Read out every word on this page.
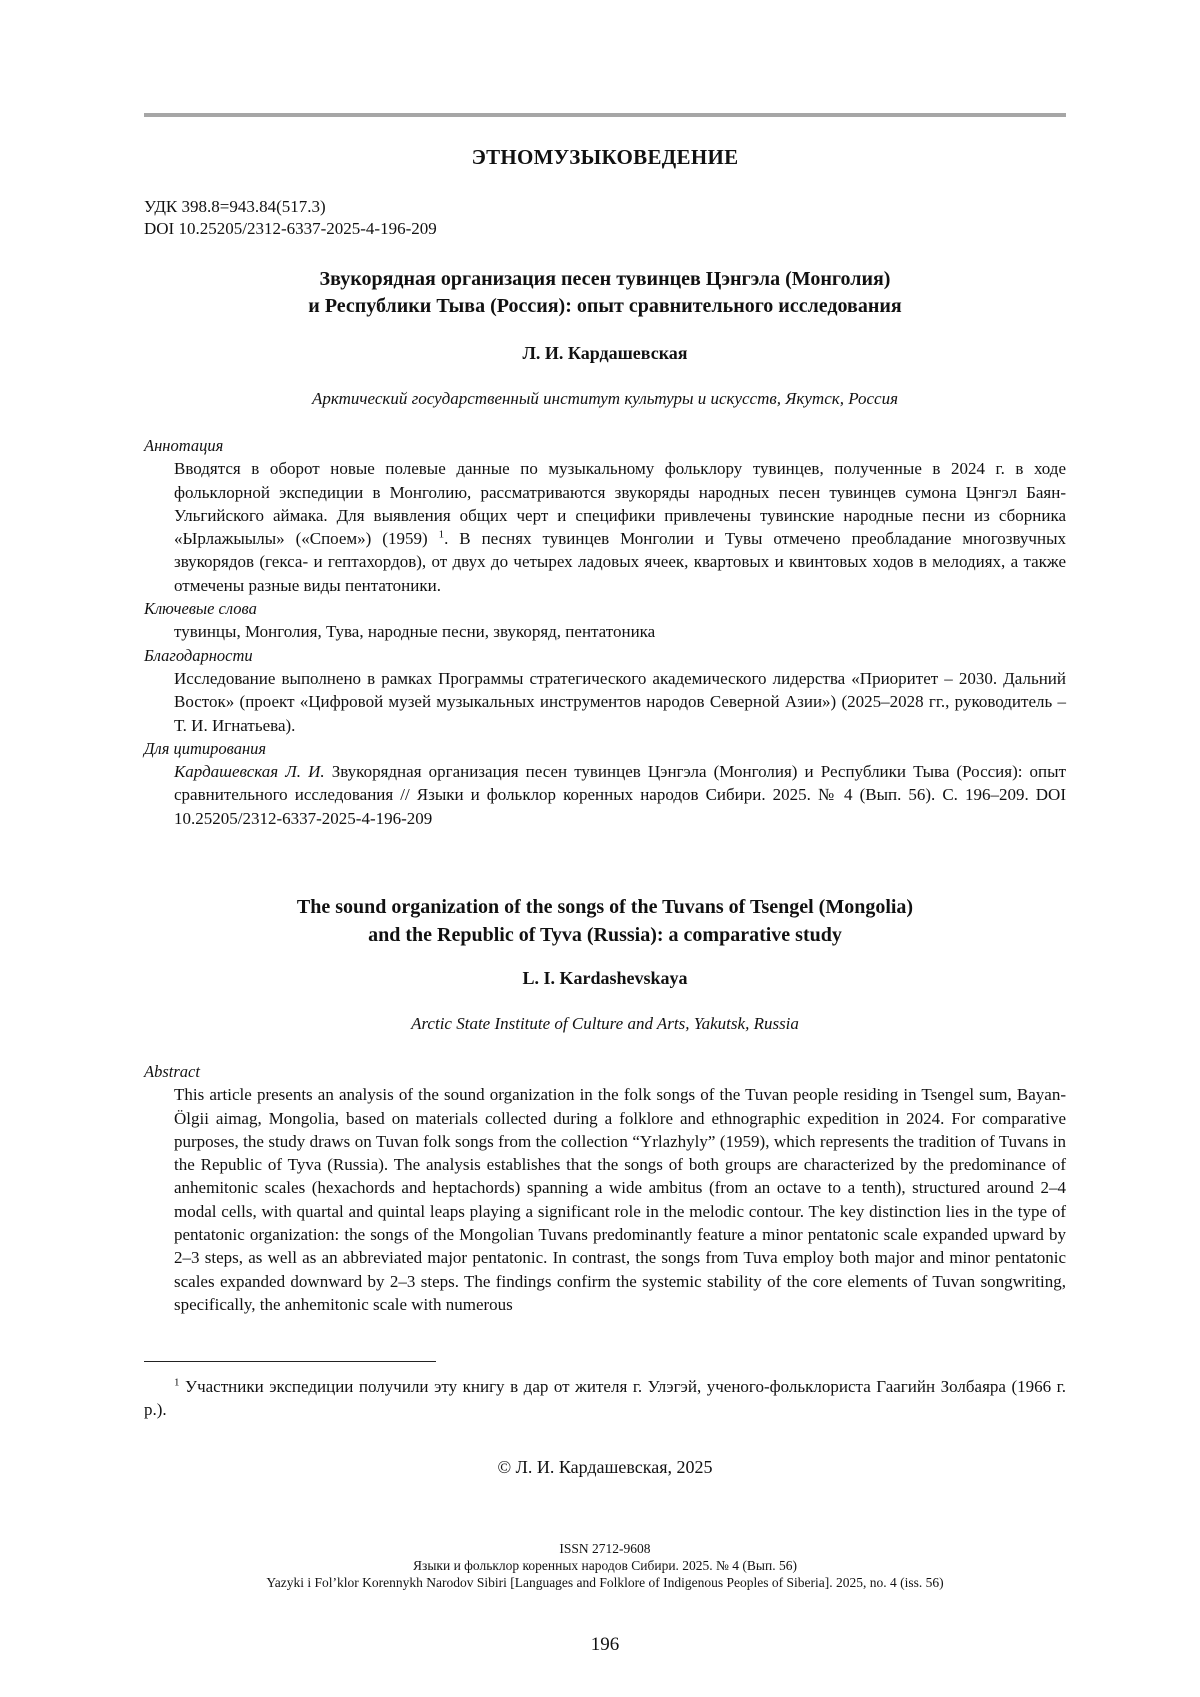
ЭТНОМУЗЫКОВЕДЕНИЕ
УДК 398.8=943.84(517.3)
DOI 10.25205/2312-6337-2025-4-196-209
Звукорядная организация песен тувинцев Цэнгэла (Монголия)
и Республики Тыва (Россия): опыт сравнительного исследования
Л. И. Кардашевская
Арктический государственный институт культуры и искусств, Якутск, Россия
Аннотация
Вводятся в оборот новые полевые данные по музыкальному фольклору тувинцев, полученные в 2024 г. в ходе фольклорной экспедиции в Монголию, рассматриваются звукоряды народных песен тувинцев сумона Цэнгэл Баян-Ульгийского аймака. Для выявления общих черт и специфики привлечены тувинские народные песни из сборника «Ырлажыылы» («Споем») (1959) $^1$. В песнях тувинцев Монголии и Тувы отмечено преобладание многозвучных звукорядов (гекса- и гептахордов), от двух до четырех ладовых ячеек, квартовых и квинтовых ходов в мелодиях, а также отмечены разные виды пентатоники.
Ключевые слова
тувинцы, Монголия, Тува, народные песни, звукоряд, пентатоника
Благодарности
Исследование выполнено в рамках Программы стратегического академического лидерства «Приоритет – 2030. Дальний Восток» (проект «Цифровой музей музыкальных инструментов народов Северной Азии») (2025–2028 гг., руководитель – Т. И. Игнатьева).
Для цитирования
Кардашевская Л. И. Звукорядная организация песен тувинцев Цэнгэла (Монголия) и Республики Тыва (Россия): опыт сравнительного исследования // Языки и фольклор коренных народов Сибири. 2025. № 4 (Вып. 56). С. 196–209. DOI 10.25205/2312-6337-2025-4-196-209
The sound organization of the songs of the Tuvans of Tsengel (Mongolia)
and the Republic of Tyva (Russia): a comparative study
L. I. Kardashevskaya
Arctic State Institute of Culture and Arts, Yakutsk, Russia
Abstract
This article presents an analysis of the sound organization in the folk songs of the Tuvan people residing in Tsengel sum, Bayan-Ölgii aimag, Mongolia, based on materials collected during a folklore and ethnographic expedition in 2024. For comparative purposes, the study draws on Tuvan folk songs from the collection “Yrlazhyly” (1959), which represents the tradition of Tuvans in the Republic of Tyva (Russia). The analysis establishes that the songs of both groups are characterized by the predominance of anhemitonic scales (hexachords and heptachords) spanning a wide ambitus (from an octave to a tenth), structured around 2–4 modal cells, with quartal and quintal leaps playing a significant role in the melodic contour. The key distinction lies in the type of pentatonic organization: the songs of the Mongolian Tuvans predominantly feature a minor pentatonic scale expanded upward by 2–3 steps, as well as an abbreviated major pentatonic. In contrast, the songs from Tuva employ both major and minor pentatonic scales expanded downward by 2–3 steps. The findings confirm the systemic stability of the core elements of Tuvan songwriting, specifically, the anhemitonic scale with numerous
$^1$ Участники экспедиции получили эту книгу в дар от жителя г. Улэгэй, ученого-фольклориста Гаагийн Золбаяра (1966 г. р.).
© Л. И. Кардашевская, 2025
ISSN 2712-9608
Языки и фольклор коренных народов Сибири. 2025. № 4 (Вып. 56)
Yazyki i Fol’klor Korennykh Narodov Sibiri [Languages and Folklore of Indigenous Peoples of Siberia]. 2025, no. 4 (iss. 56)
196
